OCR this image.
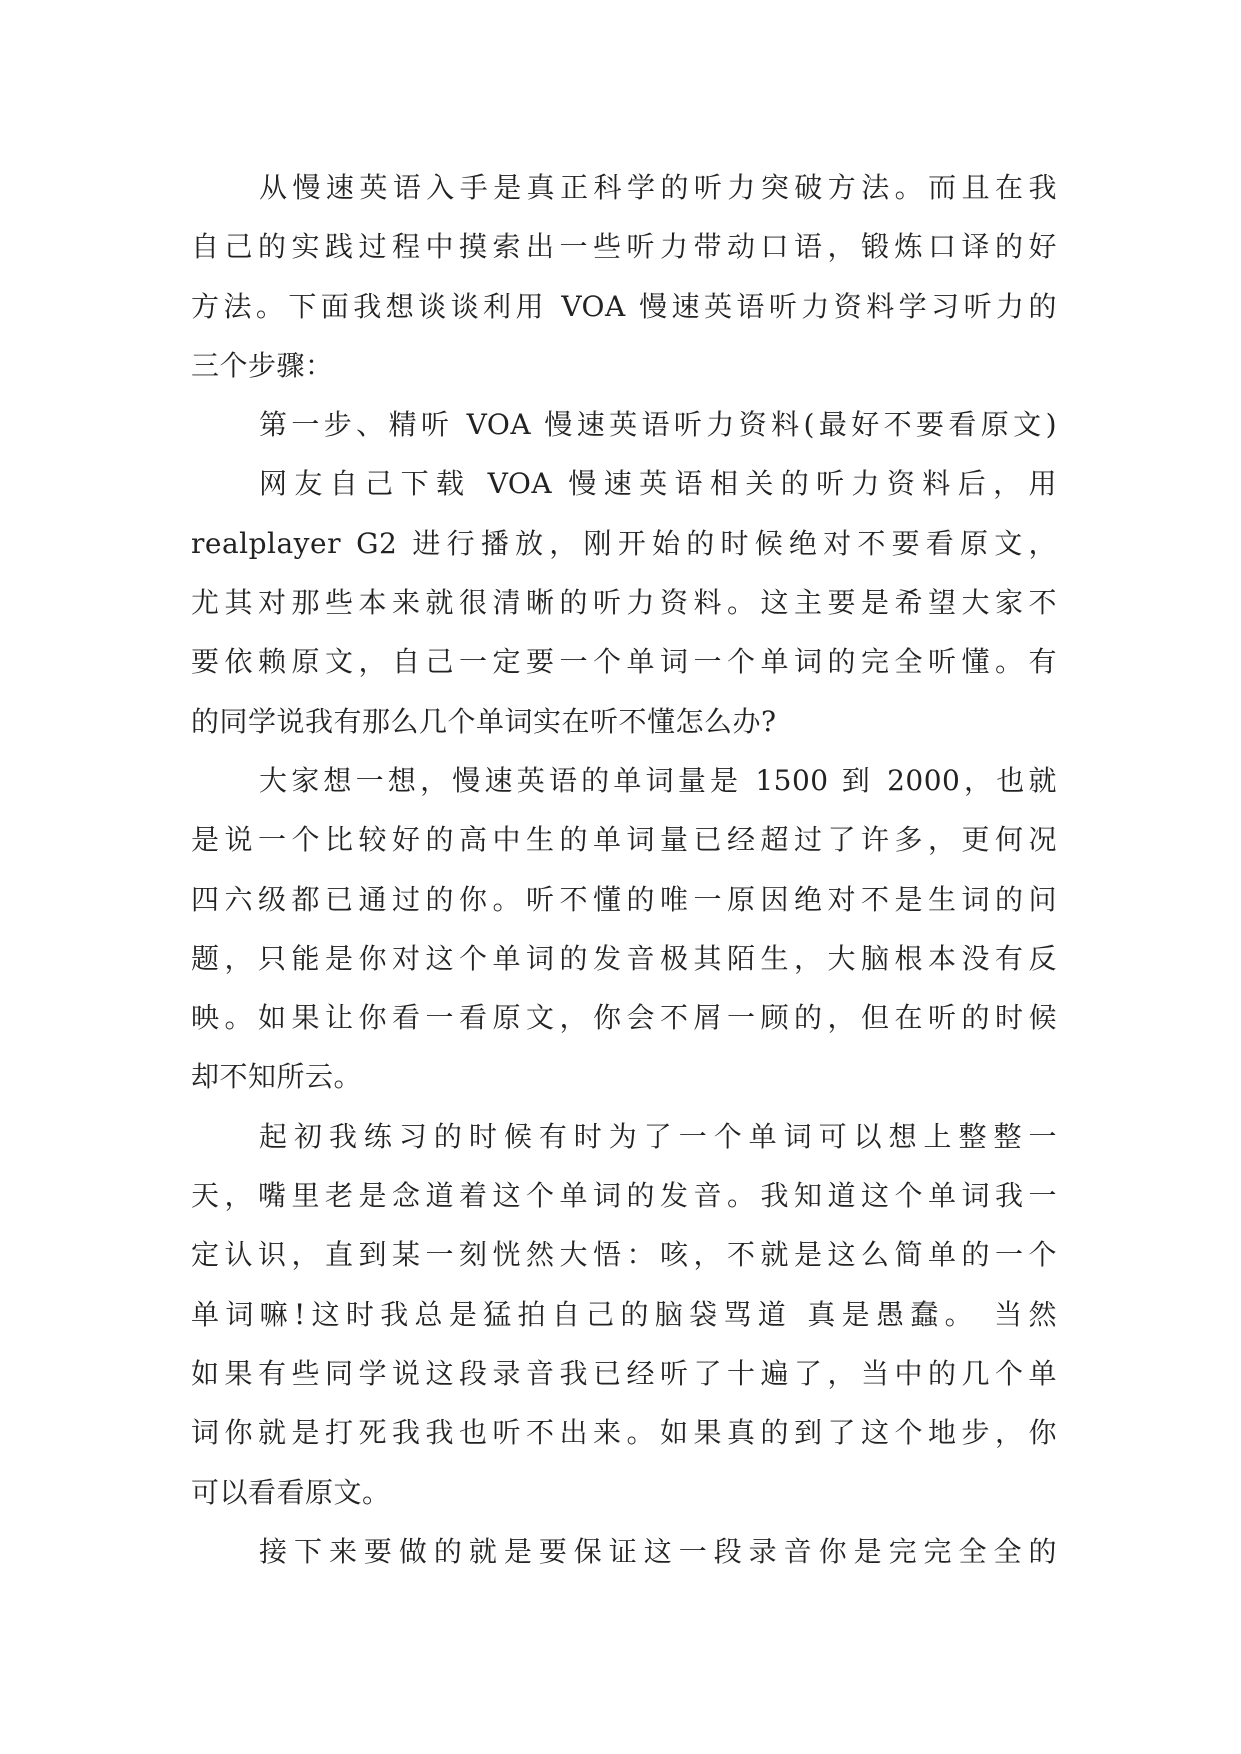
从慢速英语入手是真正科学的听力突破方法。而且在我
自己的实践过程中摸索出一些听力带动口语，锻炼口译的好
方法。下面我想谈谈利用 VOA 慢速英语听力资料学习听力的
三个步骤：
第一步、精听 VOA 慢速英语听力资料(最好不要看原文)
网友自己下载 VOA 慢速英语相关的听力资料后，用
realplayer G2 进行播放，刚开始的时候绝对不要看原文，
尤其对那些本来就很清晰的听力资料。这主要是希望大家不
要依赖原文，自己一定要一个单词一个单词的完全听懂。有
的同学说我有那么几个单词实在听不懂怎么办?
大家想一想，慢速英语的单词量是 1500 到 2000，也就
是说一个比较好的高中生的单词量已经超过了许多，更何况
四六级都已通过的你。听不懂的唯一原因绝对不是生词的问
题，只能是你对这个单词的发音极其陌生，大脑根本没有反
映。如果让你看一看原文，你会不屑一顾的，但在听的时候
却不知所云。
起初我练习的时候有时为了一个单词可以想上整整一
天，嘴里老是念道着这个单词的发音。我知道这个单词我一
定认识，直到某一刻恍然大悟：咳，不就是这么简单的一个
单词嘛!这时我总是猛拍自己的脑袋骂道 真是愚蠢。 当然
如果有些同学说这段录音我已经听了十遍了，当中的几个单
词你就是打死我我也听不出来。如果真的到了这个地步，你
可以看看原文。
接下来要做的就是要保证这一段录音你是完完全全的
